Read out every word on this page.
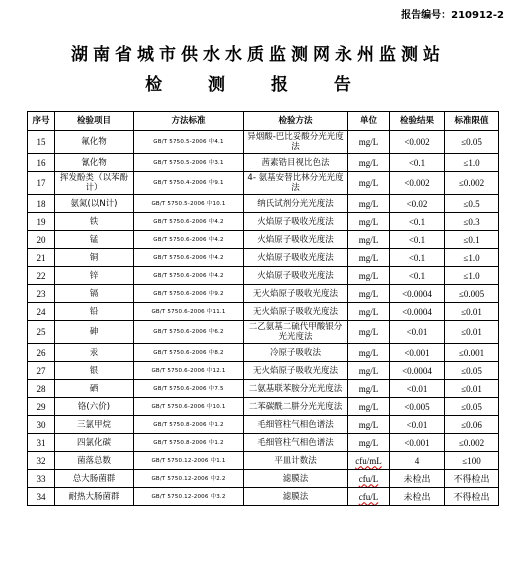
报告编号：210912-2
湖南省城市供水水质监测网永州监测站
检 测 报 告
序号	检验项目	方法标准	检验方法	单位	检验结果	标准限值
15	氟化物	GB/T 5750.5-2006 中4.1	异烟酸-巴比妥酸分光光度法	mg/L	<0.002	≤0.05
16	氰化物	GB/T 5750.5-2006 中3.1	茜素锆目视比色法	mg/L	<0.1	≤1.0
17	挥发酚类（以苯酚计）	GB/T 5750.4-2006 中9.1	4- 氨基安替比林分光光度法	mg/L	<0.002	≤0.002
18	氨氮(以N计)	GB/T 5750.5-2006 中10.1	纳氏试剂分光光度法	mg/L	<0.02	≤0.5
19	铁	GB/T 5750.6-2006 中4.2	火焰原子吸收光度法	mg/L	<0.1	≤0.3
20	锰	GB/T 5750.6-2006 中4.2	火焰原子吸收光度法	mg/L	<0.1	≤0.1
21	铜	GB/T 5750.6-2006 中4.2	火焰原子吸收光度法	mg/L	<0.1	≤1.0
22	锌	GB/T 5750.6-2006 中4.2	火焰原子吸收光度法	mg/L	<0.1	≤1.0
23	镉	GB/T 5750.6-2006 中9.2	无火焰原子吸收光度法	mg/L	<0.0004	≤0.005
24	铅	GB/T 5750.6-2006 中11.1	无火焰原子吸收光度法	mg/L	<0.0004	≤0.01
25	砷	GB/T 5750.6-2006 中6.2	二乙氨基二硫代甲酸银分光光度法	mg/L	<0.01	≤0.01
26	汞	GB/T 5750.6-2006 中8.2	冷原子吸收法	mg/L	<0.001	≤0.001
27	银	GB/T 5750.6-2006 中12.1	无火焰原子吸收光度法	mg/L	<0.0004	≤0.05
28	硒	GB/T 5750.6-2006 中7.5	二氨基联苯胺分光光度法	mg/L	<0.01	≤0.01
29	铬(六价)	GB/T 5750.6-2006 中10.1	二苯碳酰二肼分光光度法	mg/L	<0.005	≤0.05
30	三氯甲烷	GB/T 5750.8-2006 中1.2	毛细管柱气相色谱法	mg/L	<0.01	≤0.06
31	四氯化碳	GB/T 5750.8-2006 中1.2	毛细管柱气相色谱法	mg/L	<0.001	≤0.002
32	菌落总数	GB/T 5750.12-2006 中1.1	平皿计数法	cfu/mL	4	≤100
33	总大肠菌群	GB/T 5750.12-2006 中2.2	滤膜法	cfu/L	未检出	不得检出
34	耐热大肠菌群	GB/T 5750.12-2006 中3.2	滤膜法	cfu/L	未检出	不得检出
